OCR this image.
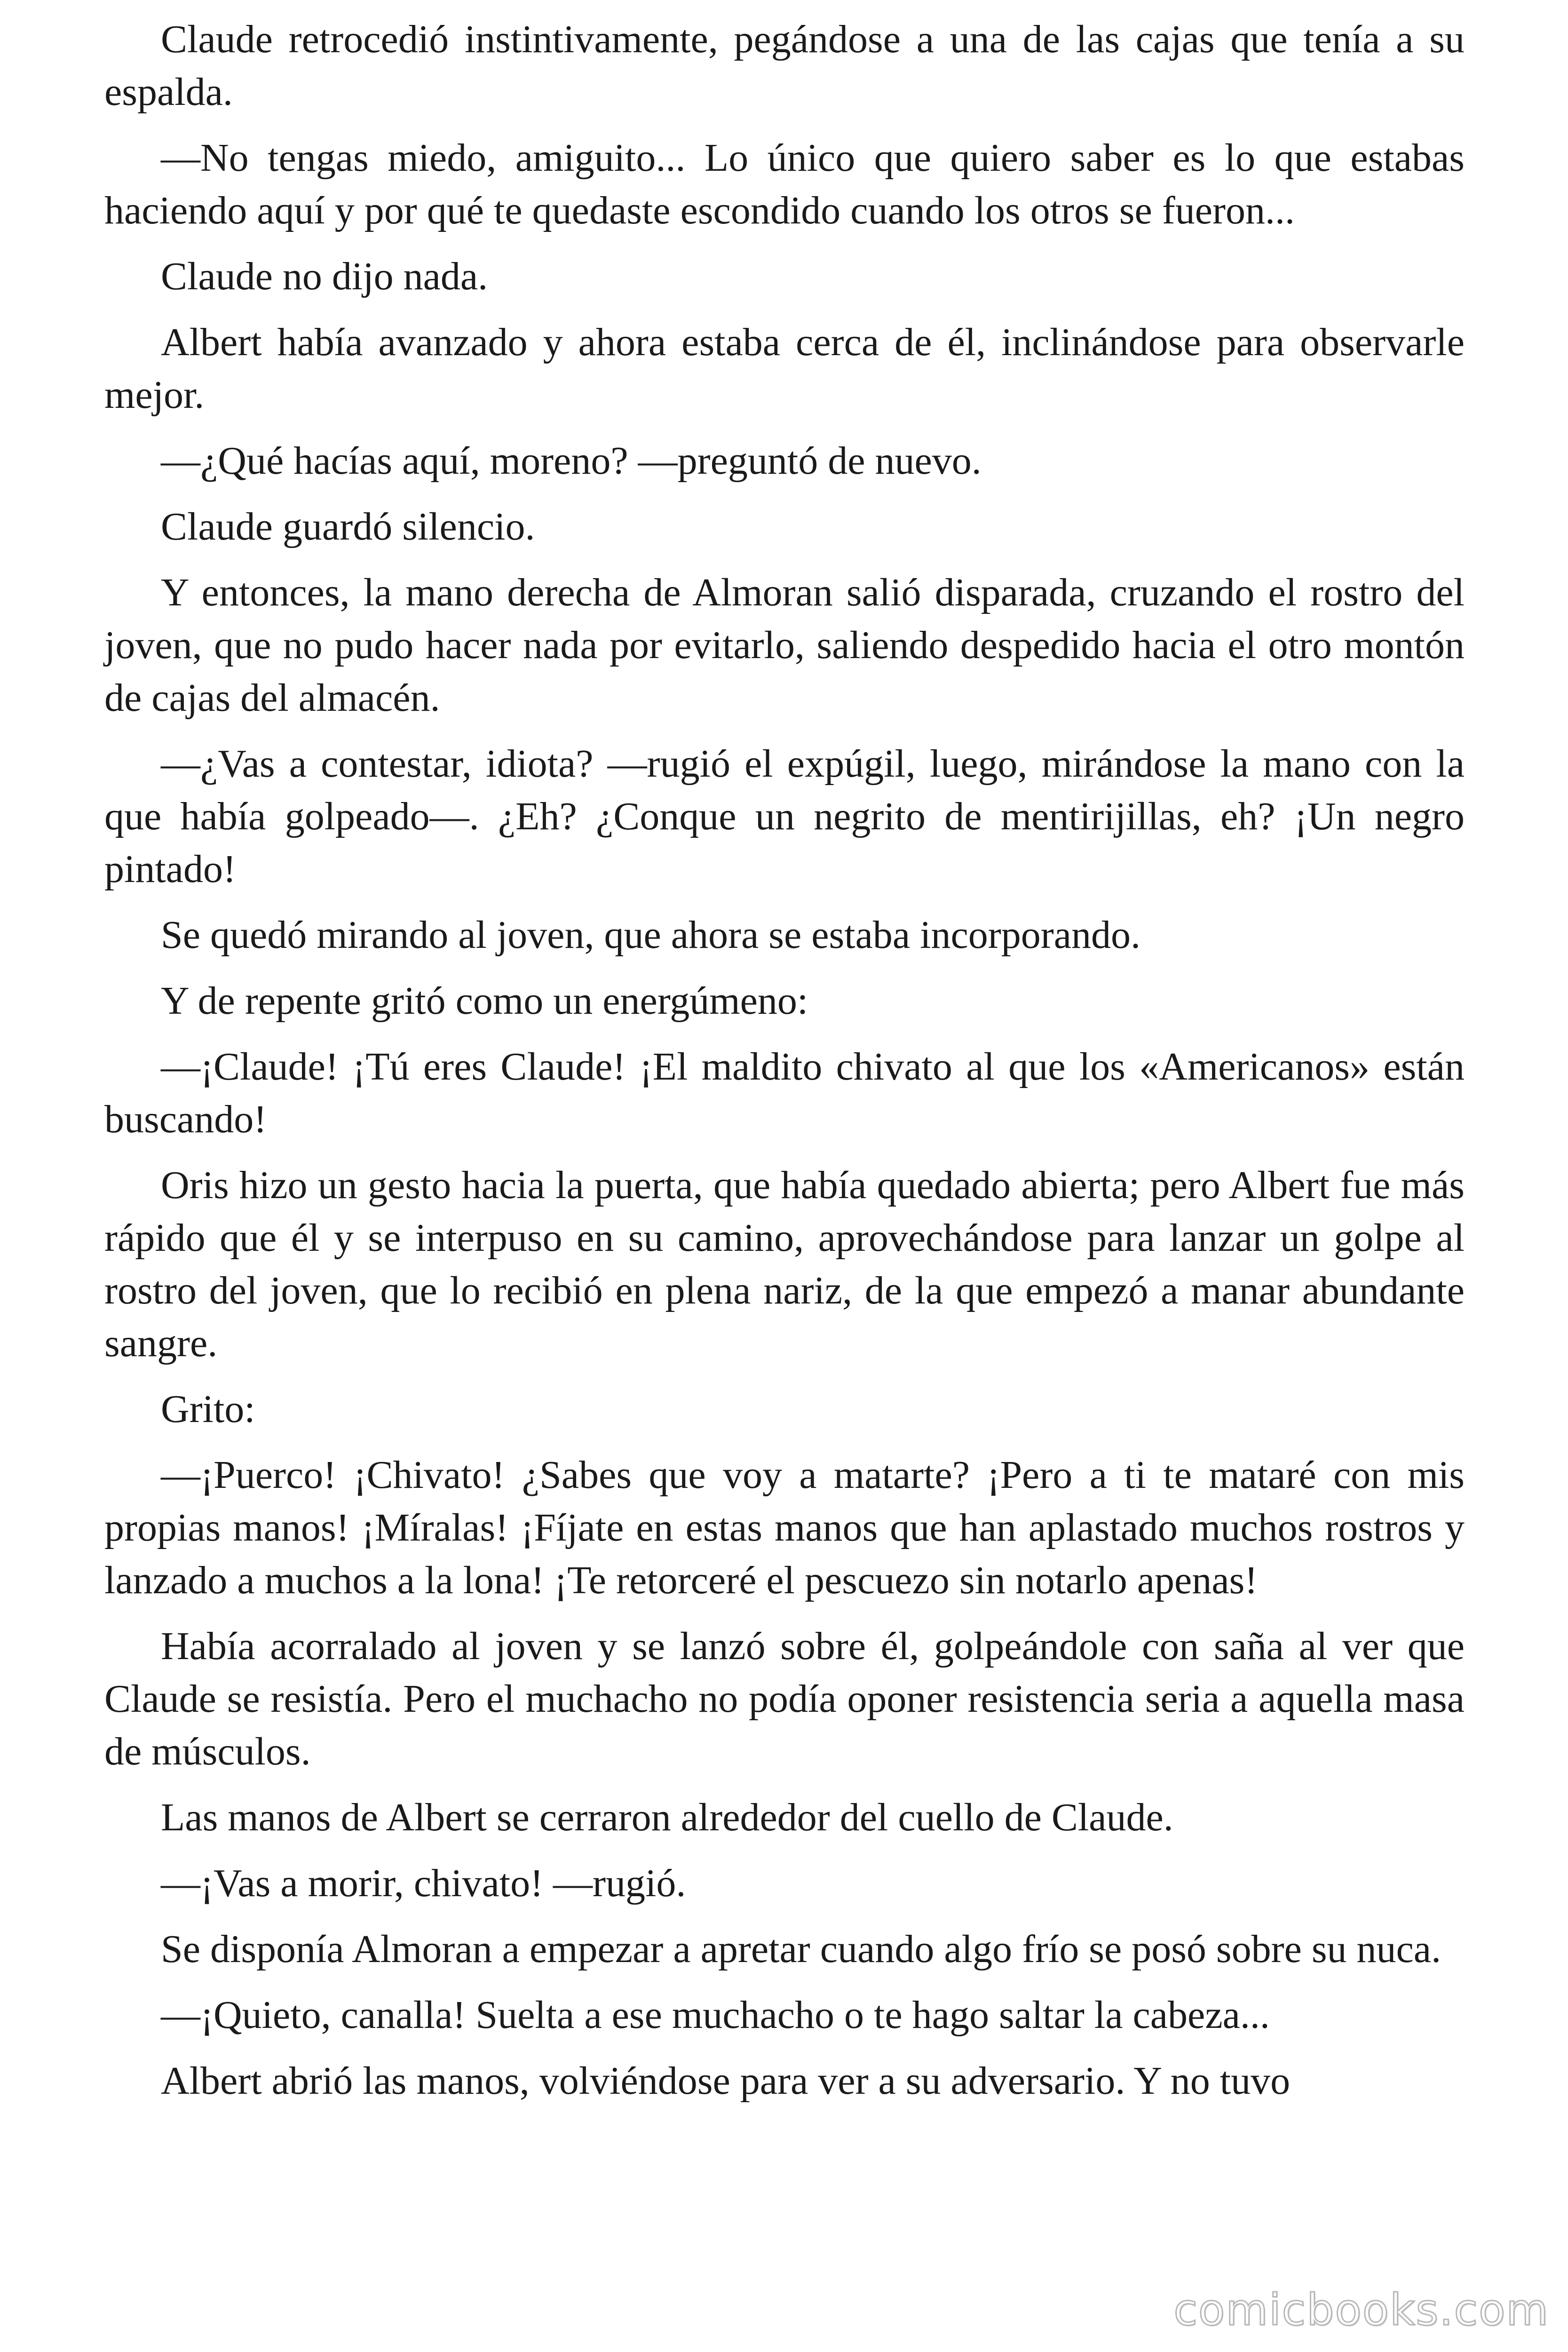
Claude retrocedió instintivamente, pegándose a una de las cajas que tenía a su espalda.

—No tengas miedo, amiguito... Lo único que quiero saber es lo que estabas haciendo aquí y por qué te quedaste escondido cuando los otros se fueron...

Claude no dijo nada.

Albert había avanzado y ahora estaba cerca de él, inclinándose para observarle mejor.

—¿Qué hacías aquí, moreno? —preguntó de nuevo.

Claude guardó silencio.

Y entonces, la mano derecha de Almoran salió disparada, cruzando el rostro del joven, que no pudo hacer nada por evitarlo, saliendo despedido hacia el otro montón de cajas del almacén.

—¿Vas a contestar, idiota? —rugió el expúgil, luego, mirándose la mano con la que había golpeado—. ¿Eh? ¿Conque un negrito de mentirijillas, eh? ¡Un negro pintado!

Se quedó mirando al joven, que ahora se estaba incorporando.

Y de repente gritó como un energúmeno:

—¡Claude! ¡Tú eres Claude! ¡El maldito chivato al que los «Americanos» están buscando!

Oris hizo un gesto hacia la puerta, que había quedado abierta; pero Albert fue más rápido que él y se interpuso en su camino, aprovechándose para lanzar un golpe al rostro del joven, que lo recibió en plena nariz, de la que empezó a manar abundante sangre.

Grito:

—¡Puerco! ¡Chivato! ¿Sabes que voy a matarte? ¡Pero a ti te mataré con mis propias manos! ¡Míralas! ¡Fíjate en estas manos que han aplastado muchos rostros y lanzado a muchos a la lona! ¡Te retorceré el pescuezo sin notarlo apenas!

Había acorralado al joven y se lanzó sobre él, golpeándole con saña al ver que Claude se resistía. Pero el muchacho no podía oponer resistencia seria a aquella masa de músculos.

Las manos de Albert se cerraron alrededor del cuello de Claude.

—¡Vas a morir, chivato! —rugió.

Se disponía Almoran a empezar a apretar cuando algo frío se posó sobre su nuca.

—¡Quieto, canalla! Suelta a ese muchacho o te hago saltar la cabeza...

Albert abrió las manos, volviéndose para ver a su adversario. Y no tuvo

comicbooks.com
